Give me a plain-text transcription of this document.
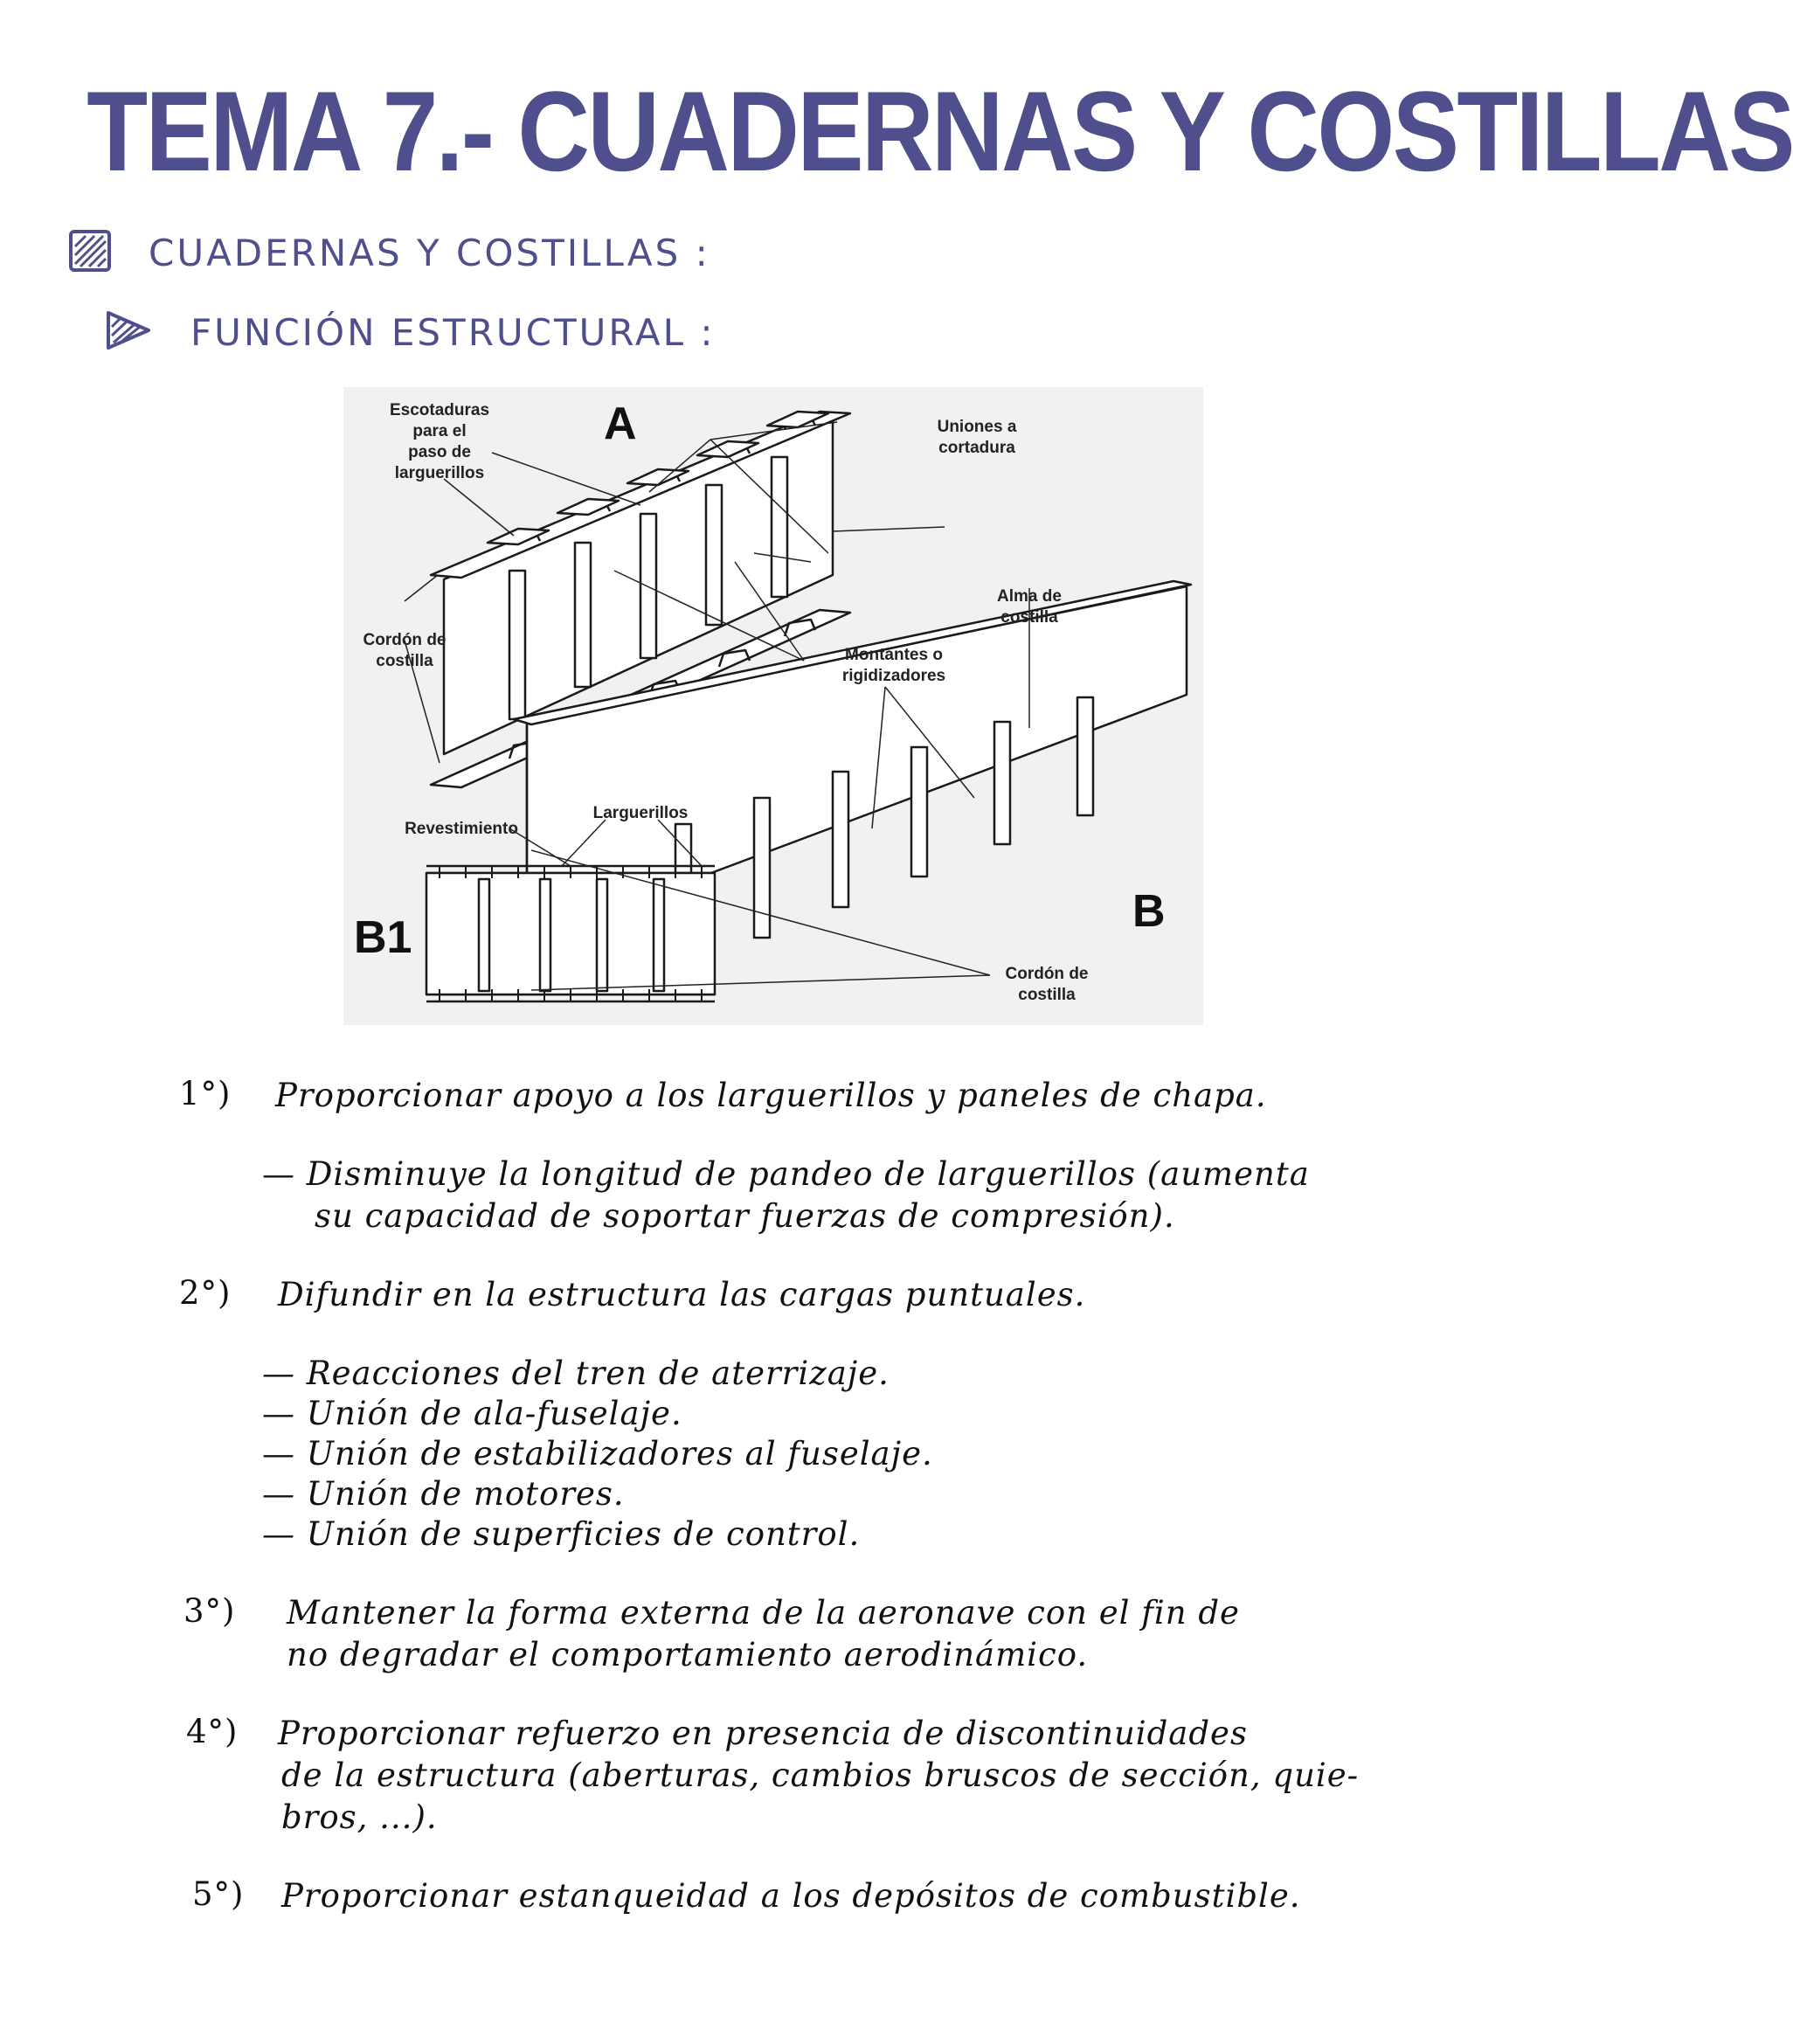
TEMA 7.- CUADERNAS Y COSTILLAS
CUADERNAS Y COSTILLAS :
FUNCIÓN ESTRUCTURAL :
A
B
B1
Escotaduras
para el
paso de
larguerillos
Uniones a
cortadura
Alma de
costilla
Cordón de
costilla	Montantes o
rigidizadores
Revestimiento
Larguerillos
Cordón de
costilla
1°) Proporcionar apoyo a los larguerillos y paneles de chapa.
— Disminuye la longitud de pandeo de larguerillos (aumenta
su capacidad de soportar fuerzas de compresión).
2°) Difundir en la estructura las cargas puntuales.
— Reacciones del tren de aterrizaje.
— Unión de ala-fuselaje.
— Unión de estabilizadores al fuselaje.
— Unión de motores.
— Unión de superficies de control.
3°) Mantener la forma externa de la aeronave con el fin de
no degradar el comportamiento aerodinámico.
4°) Proporcionar refuerzo en presencia de discontinuidades
de la estructura (aberturas, cambios bruscos de sección, quie-
bros, ...).
5°) Proporcionar estanqueidad a los depósitos de combustible.
